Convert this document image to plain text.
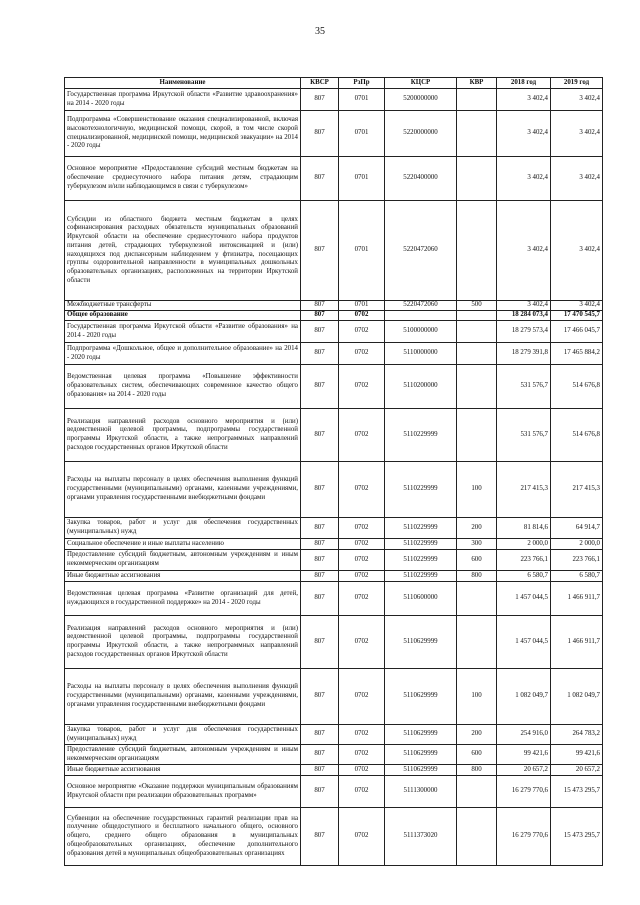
35
Наименование	КВСР	РзПр	КЦСР	КВР	2018 год	2019 год
Государственная программа Иркутской области «Развитие здравоохранения» на 2014 - 2020 годы	807	0701	5200000000		3 402,4	3 402,4
Подпрограмма «Совершенствование оказания специализированной, включая высокотехнологичную, медицинской помощи, скорой, в том числе скорой специализированной, медицинской помощи, медицинской эвакуации» на 2014 - 2020 годы	807	0701	5220000000		3 402,4	3 402,4
Основное мероприятие «Предоставление субсидий местным бюджетам на обеспечение среднесуточного набора питания детям, страдающим туберкулезом и/или наблюдающимся в связи с туберкулезом»	807	0701	5220400000		3 402,4	3 402,4
Субсидии из областного бюджета местным бюджетам в целях софинансирования расходных обязательств муниципальных образований Иркутской области на обеспечение среднесуточного набора продуктов питания детей, страдающих туберкулезной интоксикацией и (или) находящихся под диспансерным наблюдением у фтизиатра, посещающих группы оздоровительной направленности в муниципальных дошкольных образовательных организациях, расположенных на территории Иркутской области	807	0701	5220472060		3 402,4	3 402,4
Межбюджетные трансферты	807	0701	5220472060	500	3 402,4	3 402,4
Общее образование	807	0702			18 284 073,4	17 470 545,7
Государственная программа Иркутской области «Развитие образования» на 2014 - 2020 годы	807	0702	5100000000		18 279 573,4	17 466 045,7
Подпрограмма «Дошкольное, общее и дополнительное образование» на 2014 - 2020 годы	807	0702	5110000000		18 279 391,8	17 465 884,2
Ведомственная целевая программа «Повышение эффективности образовательных систем, обеспечивающих современное качество общего образования» на 2014 - 2020 годы	807	0702	5110200000		531 576,7	514 676,8
Реализация направлений расходов основного мероприятия и (или) ведомственной целевой программы, подпрограммы государственной программы Иркутской области, а также непрограммных направлений расходов государственных органов Иркутской области	807	0702	5110229999		531 576,7	514 676,8
Расходы на выплаты персоналу в целях обеспечения выполнения функций государственными (муниципальными) органами, казенными учреждениями, органами управления государственными внебюджетными фондами	807	0702	5110229999	100	217 415,3	217 415,3
Закупка товаров, работ и услуг для обеспечения государственных (муниципальных) нужд	807	0702	5110229999	200	81 814,6	64 914,7
Социальное обеспечение и иные выплаты населению	807	0702	5110229999	300	2 000,0	2 000,0
Предоставление субсидий бюджетным, автономным учреждениям и иным некоммерческим организациям	807	0702	5110229999	600	223 766,1	223 766,1
Иные бюджетные ассигнования	807	0702	5110229999	800	6 580,7	6 580,7
Ведомственная целевая программа «Развитие организаций для детей, нуждающихся в государственной поддержке» на 2014 - 2020 годы	807	0702	5110600000		1 457 044,5	1 466 911,7
Реализация направлений расходов основного мероприятия и (или) ведомственной целевой программы, подпрограммы государственной программы Иркутской области, а также непрограммных направлений расходов государственных органов Иркутской области	807	0702	5110629999		1 457 044,5	1 466 911,7
Расходы на выплаты персоналу в целях обеспечения выполнения функций государственными (муниципальными) органами, казенными учреждениями, органами управления государственными внебюджетными фондами	807	0702	5110629999	100	1 082 049,7	1 082 049,7
Закупка товаров, работ и услуг для обеспечения государственных (муниципальных) нужд	807	0702	5110629999	200	254 916,0	264 783,2
Предоставление субсидий бюджетным, автономным учреждениям и иным некоммерческим организациям	807	0702	5110629999	600	99 421,6	99 421,6
Иные бюджетные ассигнования	807	0702	5110629999	800	20 657,2	20 657,2
Основное мероприятие «Оказание поддержки муниципальным образованиям Иркутской области при реализации образовательных программ»	807	0702	5111300000		16 279 770,6	15 473 295,7
Субвенции на обеспечение государственных гарантий реализации прав на получение общедоступного и бесплатного начального общего, основного общего, среднего общего образования в муниципальных общеобразовательных организациях, обеспечение дополнительного образования детей в муниципальных общеобразовательных организациях	807	0702	5111373020		16 279 770,6	15 473 295,7
